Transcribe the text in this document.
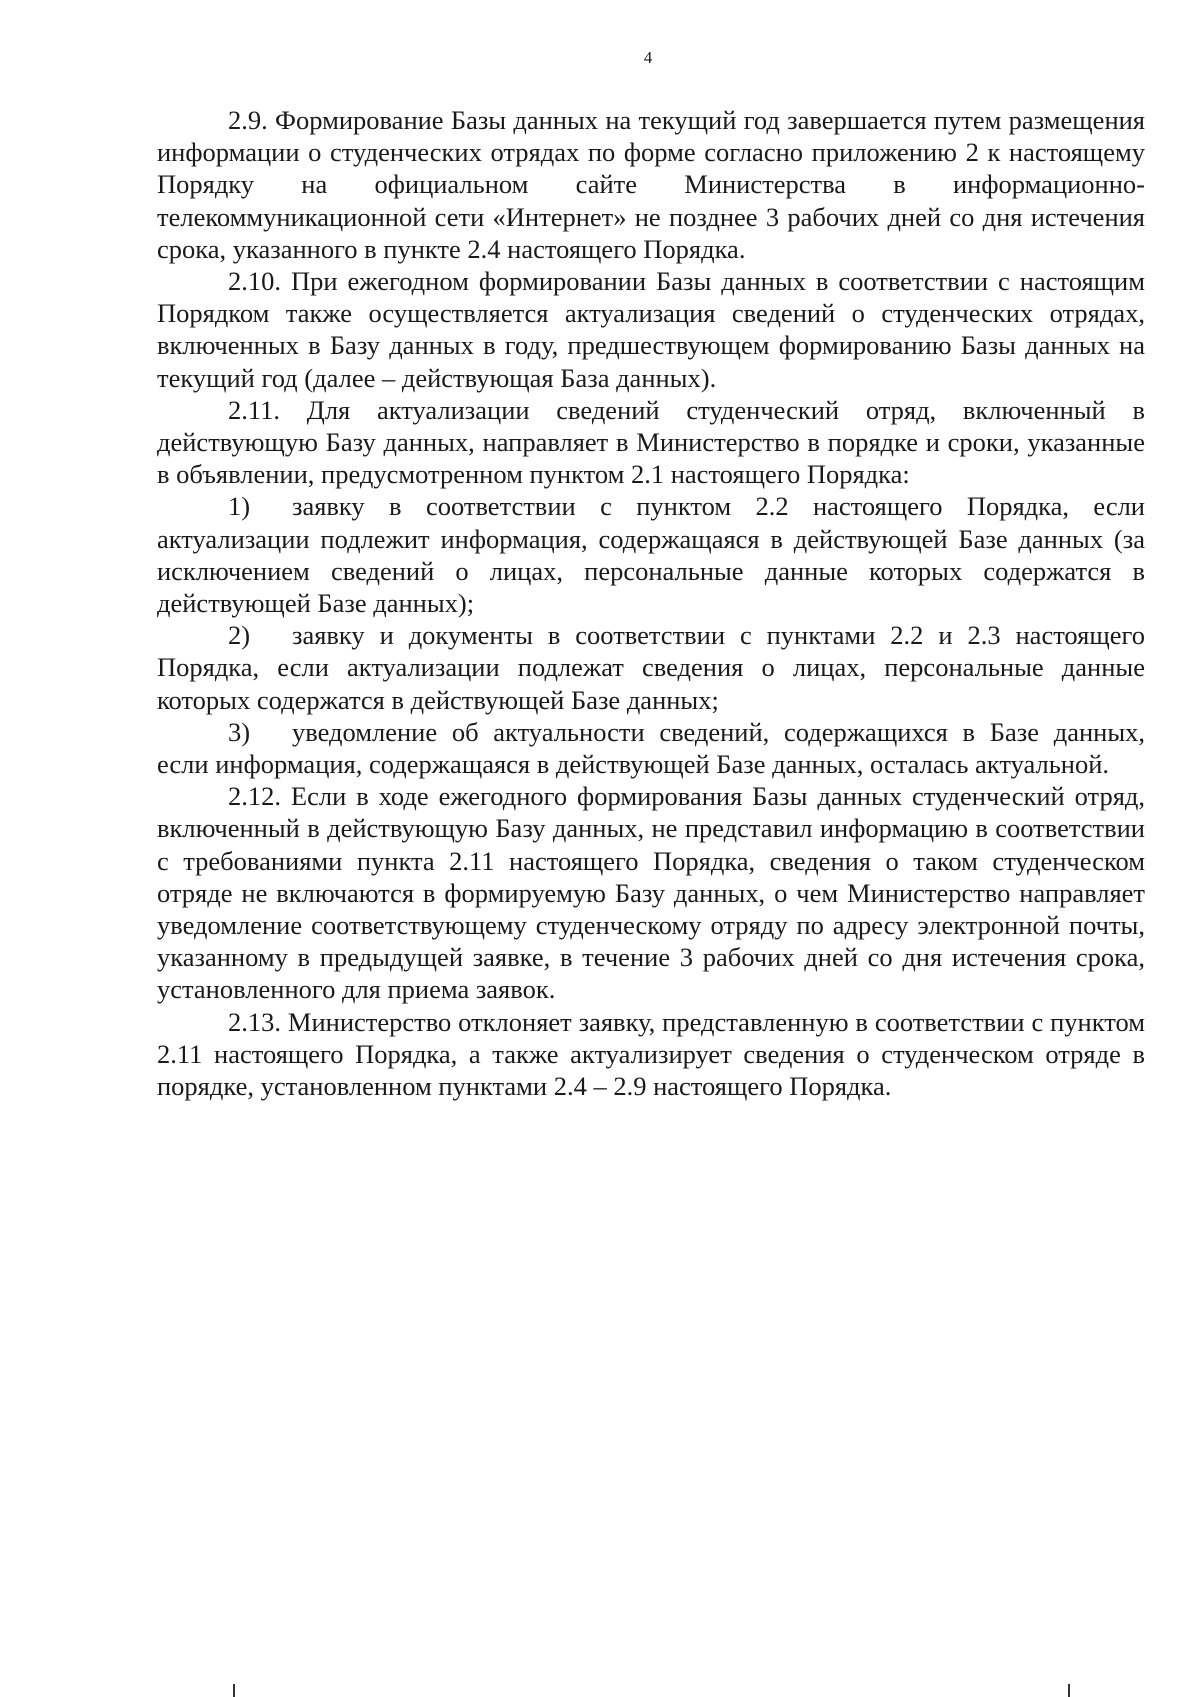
4

2.9. Формирование Базы данных на текущий год завершается путем размещения информации о студенческих отрядах по форме согласно приложению 2 к настоящему Порядку на официальном сайте Министерства в информационно-телекоммуникационной сети «Интернет» не позднее 3 рабочих дней со дня истечения срока, указанного в пункте 2.4 настоящего Порядка.

2.10. При ежегодном формировании Базы данных в соответствии с настоящим Порядком также осуществляется актуализация сведений о студенческих отрядах, включенных в Базу данных в году, предшествующем формированию Базы данных на текущий год (далее – действующая База данных).

2.11. Для актуализации сведений студенческий отряд, включенный в действующую Базу данных, направляет в Министерство в порядке и сроки, указанные в объявлении, предусмотренном пунктом 2.1 настоящего Порядка:

1) заявку в соответствии с пунктом 2.2 настоящего Порядка, если актуализации подлежит информация, содержащаяся в действующей Базе данных (за исключением сведений о лицах, персональные данные которых содержатся в действующей Базе данных);

2) заявку и документы в соответствии с пунктами 2.2 и 2.3 настоящего Порядка, если актуализации подлежат сведения о лицах, персональные данные которых содержатся в действующей Базе данных;

3) уведомление об актуальности сведений, содержащихся в Базе данных, если информация, содержащаяся в действующей Базе данных, осталась актуальной.

2.12. Если в ходе ежегодного формирования Базы данных студенческий отряд, включенный в действующую Базу данных, не представил информацию в соответствии с требованиями пункта 2.11 настоящего Порядка, сведения о таком студенческом отряде не включаются в формируемую Базу данных, о чем Министерство направляет уведомление соответствующему студенческому отряду по адресу электронной почты, указанному в предыдущей заявке, в течение 3 рабочих дней со дня истечения срока, установленного для приема заявок.

2.13. Министерство отклоняет заявку, представленную в соответствии с пунктом 2.11 настоящего Порядка, а также актуализирует сведения о студенческом отряде в порядке, установленном пунктами 2.4 – 2.9 настоящего Порядка.
